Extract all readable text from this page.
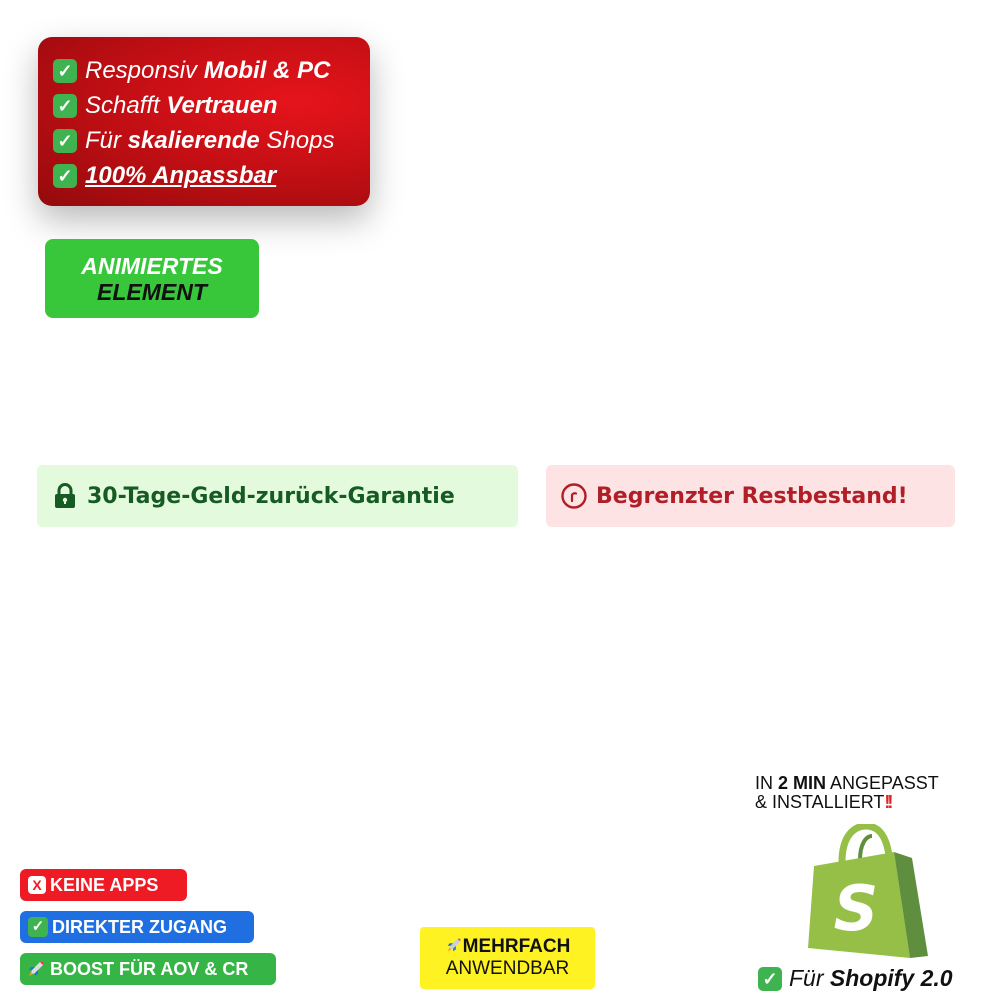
✓ Responsiv Mobil & PC
✓ Schafft Vertrauen
✓ Für skalierende Shops
✓ 100% Anpassbar
ANIMIERTES
ELEMENT
30-Tage-Geld-zurück-Garantie	Begrenzter Restbestand!
X KEINE APPS
✓ DIREKTER ZUGANG
BOOST FÜR AOV & CR
MEHRFACH
ANWENDBAR
IN 2 MIN ANGEPASST
& INSTALLIERT!!
S
✓ Für Shopify 2.0
